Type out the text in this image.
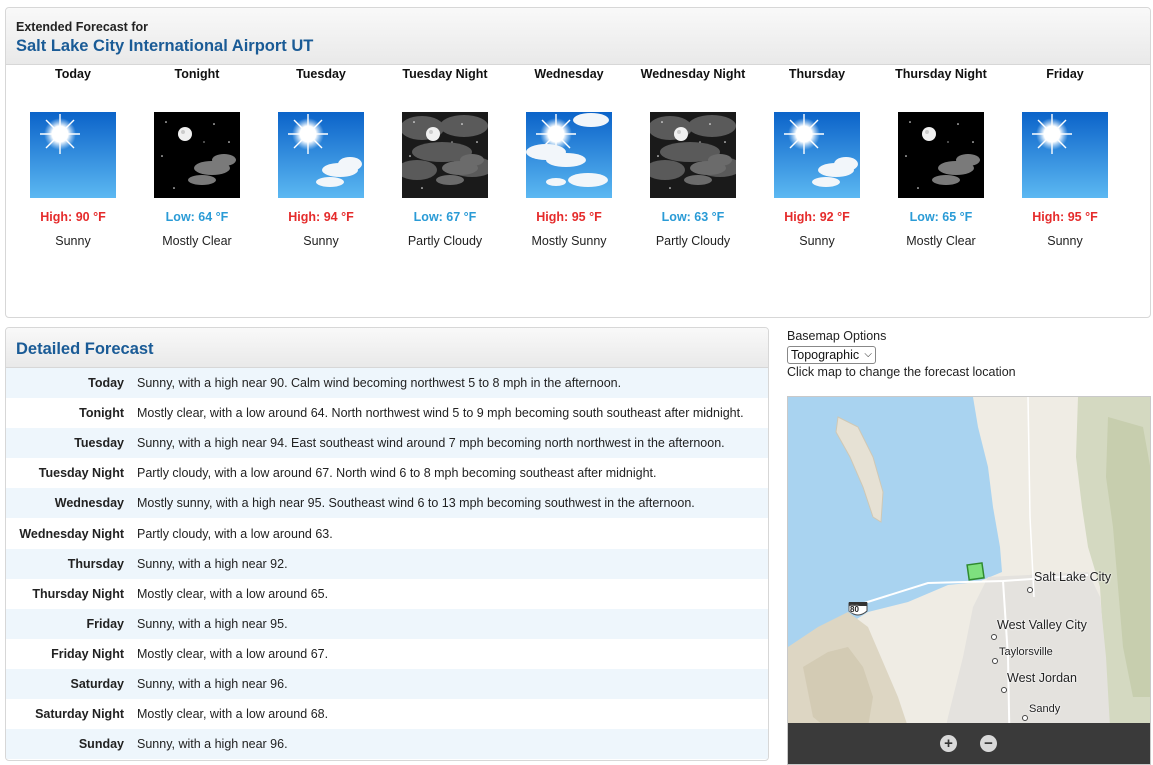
Extended Forecast for
Salt Lake City International Airport UT
Today
High: 90 °F
Sunny
Tonight
Low: 64 °F
Mostly Clear
Tuesday
High: 94 °F
Sunny
Tuesday Night
Low: 67 °F
Partly Cloudy
Wednesday
High: 95 °F
Mostly Sunny
Wednesday Night
Low: 63 °F
Partly Cloudy
Thursday
High: 92 °F
Sunny
Thursday Night
Low: 65 °F
Mostly Clear
Friday
High: 95 °F
Sunny
Detailed Forecast
Today	Sunny, with a high near 90. Calm wind becoming northwest 5 to 8 mph in the afternoon.
Tonight	Mostly clear, with a low around 64. North northwest wind 5 to 9 mph becoming south southeast after midnight.
Tuesday	Sunny, with a high near 94. East southeast wind around 7 mph becoming north northwest in the afternoon.
Tuesday Night	Partly cloudy, with a low around 67. North wind 6 to 8 mph becoming southeast after midnight.
Wednesday	Mostly sunny, with a high near 95. Southeast wind 6 to 13 mph becoming southwest in the afternoon.
Wednesday Night	Partly cloudy, with a low around 63.
Thursday	Sunny, with a high near 92.
Thursday Night	Mostly clear, with a low around 65.
Friday	Sunny, with a high near 95.
Friday Night	Mostly clear, with a low around 67.
Saturday	Sunny, with a high near 96.
Saturday Night	Mostly clear, with a low around 68.
Sunday	Sunny, with a high near 96.
Basemap Options
Topographic ⌵
Click map to change the forecast location
80
Salt Lake City
West Valley City
Taylorsville
West Jordan
Sandy
+ −
